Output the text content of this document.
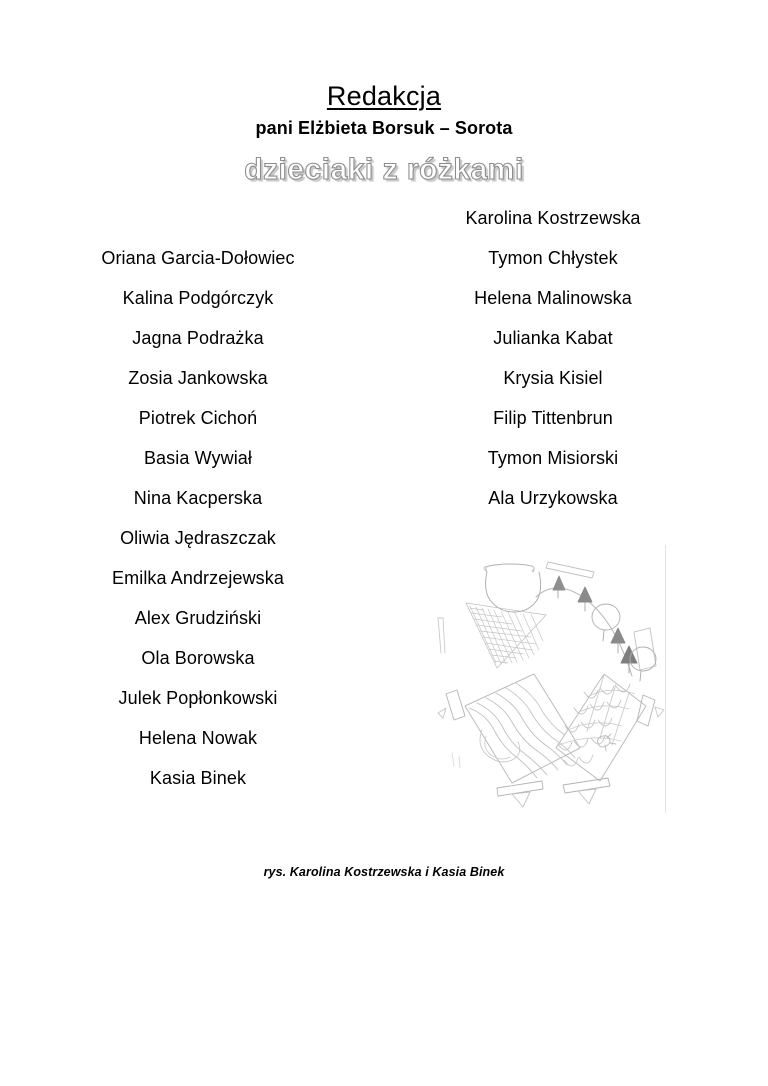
Redakcja
pani Elżbieta Borsuk – Sorota
dzieciaki z różkami
Oriana Garcia-Dołowiec
Kalina Podgórczyk
Jagna Podrażka
Zosia Jankowska
Piotrek Cichoń
Basia Wywiał
Nina Kacperska
Oliwia Jędraszczak
Emilka Andrzejewska
Alex Grudziński
Ola Borowska
Julek Popłonkowski
Helena Nowak
Kasia Binek
Karolina Kostrzewska
Tymon Chłystek
Helena Malinowska
Julianka Kabat
Krysia Kisiel
Filip Tittenbrun
Tymon Misiorski
Ala Urzykowska
rys. Karolina Kostrzewska i Kasia Binek
